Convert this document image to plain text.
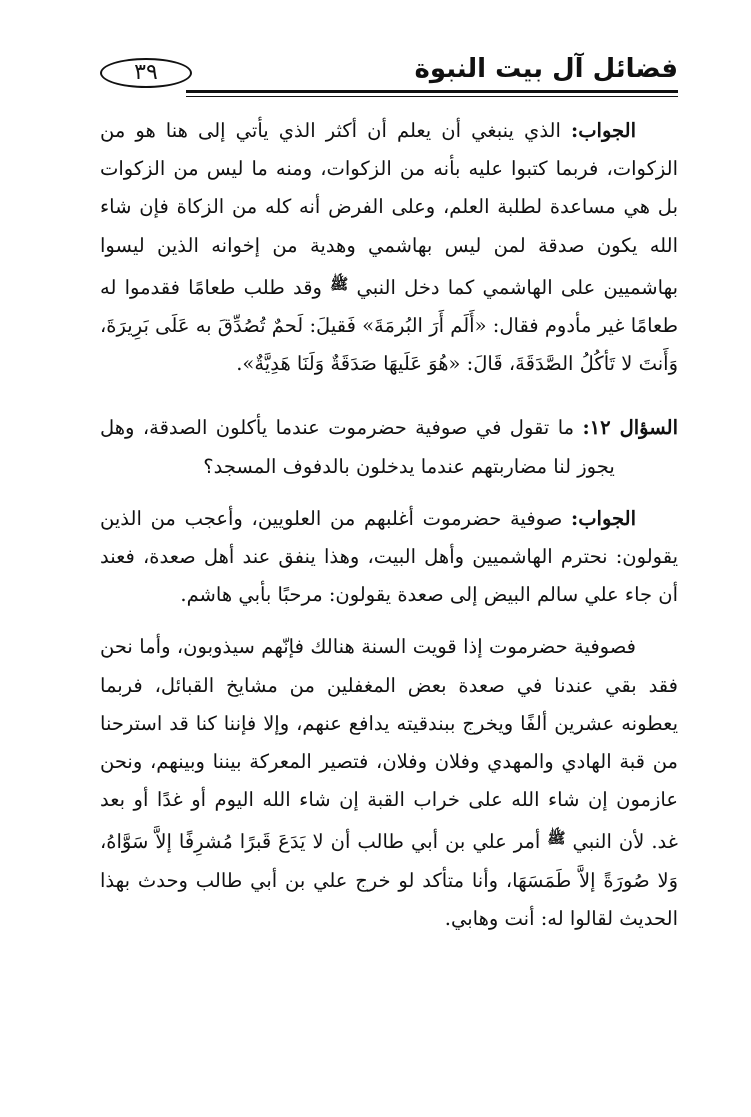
فضائل آل بيت النبوة
٣٩

الجواب: الذي ينبغي أن يعلم أن أكثر الذي يأتي إلى هنا هو من الزكوات، فربما كتبوا عليه بأنه من الزكوات، ومنه ما ليس من الزكوات بل هي مساعدة لطلبة العلم، وعلى الفرض أنه كله من الزكاة فإن شاء الله يكون صدقة لمن ليس بهاشمي وهدية من إخوانه الذين ليسوا بهاشميين على الهاشمي كما دخل النبي $^ﷺ$ وقد طلب طعامًا فقدموا له طعامًا غير مأدوم فقال: «أَلَم أَرَ البُرمَةَ» فَقيلَ: لَحمٌ تُصُدِّقَ به عَلَى بَرِيرَةَ، وَأَنتَ لا تَأكُلُ الصَّدَقَةَ، قَالَ: «هُوَ عَلَيهَا صَدَقَةٌ وَلَنَا هَدِيَّةٌ».

السؤال ١٢: ما تقول في صوفية حضرموت عندما يأكلون الصدقة، وهل

يجوز لنا مضاربتهم عندما يدخلون بالدفوف المسجد؟

الجواب: صوفية حضرموت أغلبهم من العلويين، وأعجب من الذين يقولون: نحترم الهاشميين وأهل البيت، وهذا ينفق عند أهل صعدة، فعند أن جاء علي سالم البيض إلى صعدة يقولون: مرحبًا بأبي هاشم.

فصوفية حضرموت إذا قويت السنة هنالك فإنّهم سيذوبون، وأما نحن فقد بقي عندنا في صعدة بعض المغفلين من مشايخ القبائل، فربما يعطونه عشرين ألفًا ويخرج ببندقيته يدافع عنهم، وإلا فإننا كنا قد استرحنا من قبة الهادي والمهدي وفلان وفلان، فتصير المعركة بيننا وبينهم، ونحن عازمون إن شاء الله على خراب القبة إن شاء الله اليوم أو غدًا أو بعد غد. لأن النبي $^ﷺ$ أمر علي بن أبي طالب أن لا يَدَعَ قَبرًا مُشرِفًا إلاَّ سَوَّاهُ، وَلا صُورَةً إلاَّ طَمَسَهَا، وأنا متأكد لو خرج علي بن أبي طالب وحدث بهذا الحديث لقالوا له: أنت وهابي.
